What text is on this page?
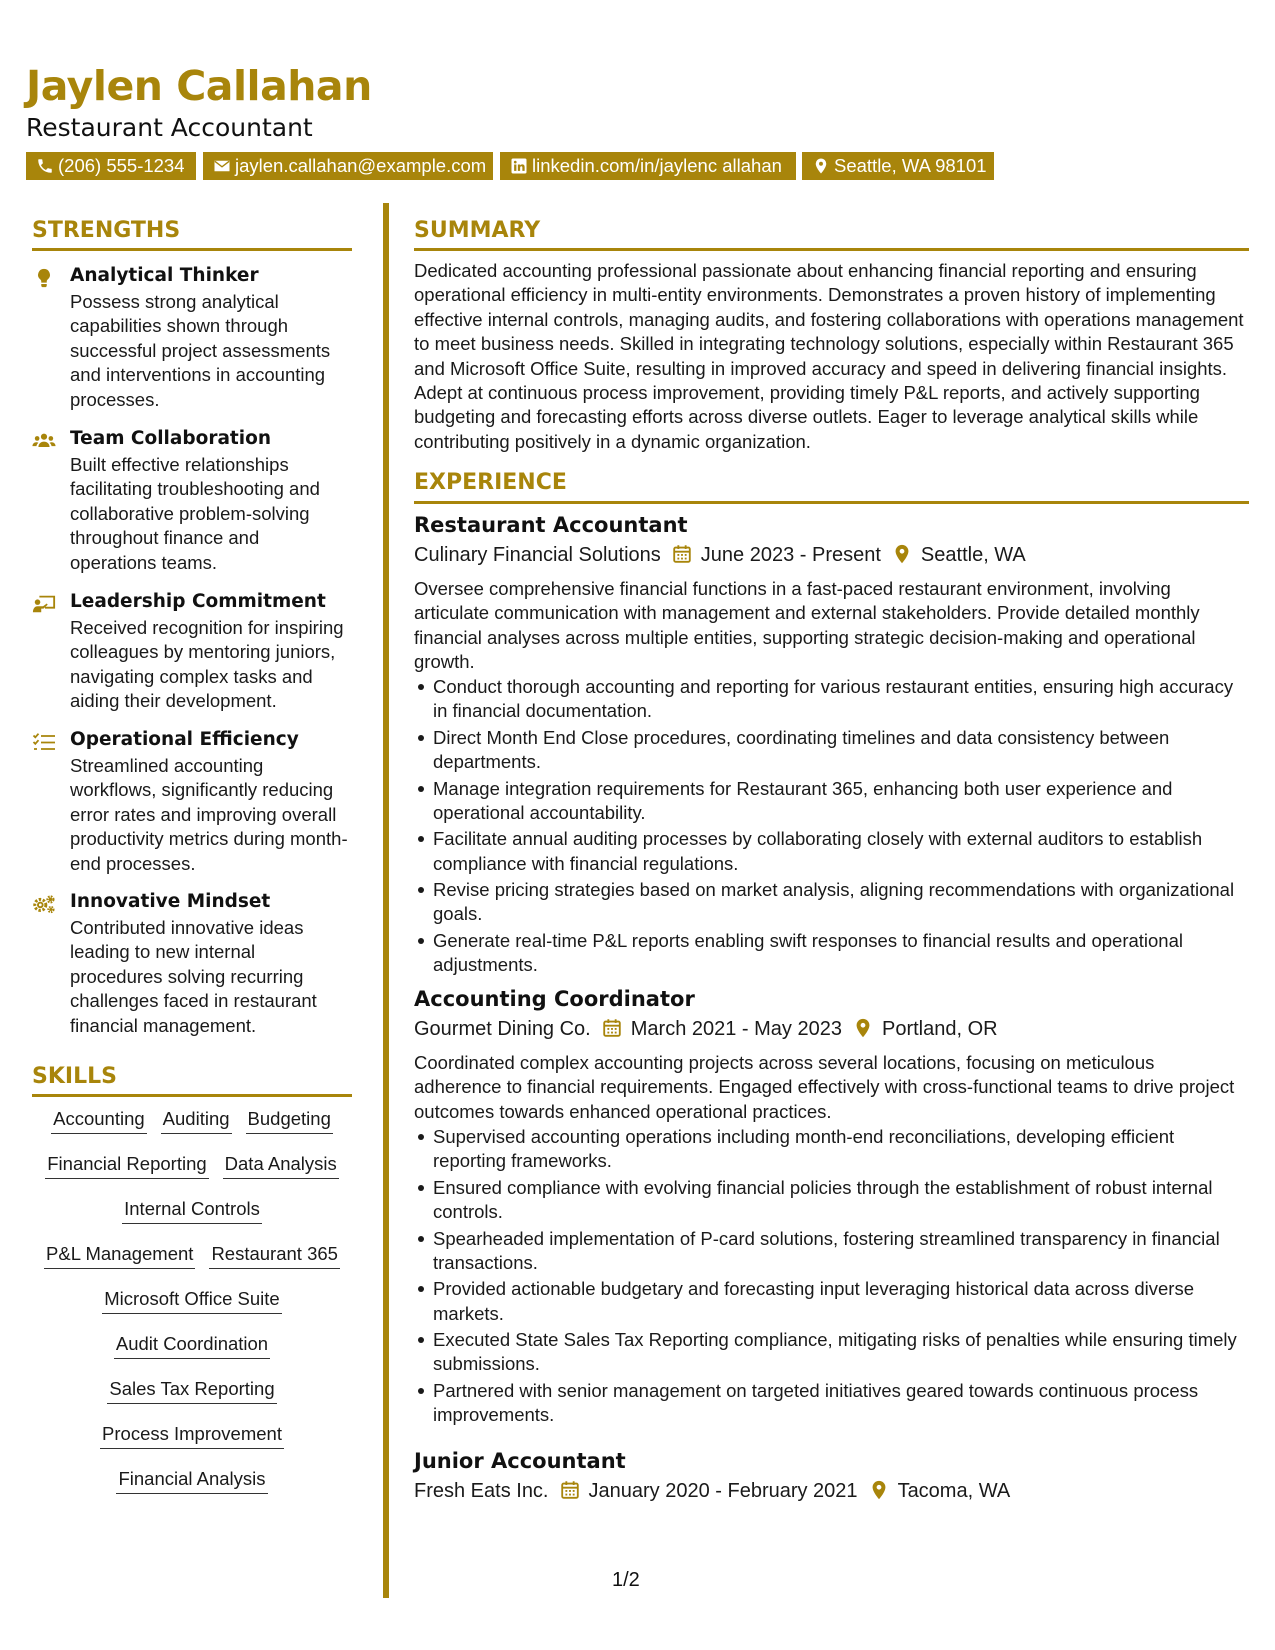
Jaylen Callahan
Restaurant Accountant
(206) 555-1234	jaylen.callahan@example.com	linkedin.com/in/jaylenc allahan	Seattle, WA 98101
STRENGTHS
Analytical Thinker
Possess strong analytical capabilities shown through successful project assessments and interventions in accounting processes.
Team Collaboration
Built effective relationships facilitating troubleshooting and collaborative problem-solving throughout finance and operations teams.
Leadership Commitment
Received recognition for inspiring colleagues by mentoring juniors, navigating complex tasks and aiding their development.
Operational Efficiency
Streamlined accounting workflows, significantly reducing error rates and improving overall productivity metrics during month-end processes.
Innovative Mindset
Contributed innovative ideas leading to new internal procedures solving recurring challenges faced in restaurant financial management.
SKILLS
Accounting Auditing Budgeting
Financial Reporting Data Analysis
Internal Controls
P&L Management Restaurant 365
Microsoft Office Suite
Audit Coordination
Sales Tax Reporting
Process Improvement
Financial Analysis
SUMMARY

Dedicated accounting professional passionate about enhancing financial reporting and ensuring operational efficiency in multi-entity environments. Demonstrates a proven history of implementing effective internal controls, managing audits, and fostering collaborations with operations management to meet business needs. Skilled in integrating technology solutions, especially within Restaurant 365 and Microsoft Office Suite, resulting in improved accuracy and speed in delivering financial insights. Adept at continuous process improvement, providing timely P&L reports, and actively supporting budgeting and forecasting efforts across diverse outlets. Eager to leverage analytical skills while contributing positively in a dynamic organization.

EXPERIENCE
Restaurant Accountant
Culinary Financial Solutions June 2023 - Present Seattle, WA

Oversee comprehensive financial functions in a fast-paced restaurant environment, involving articulate communication with management and external stakeholders. Provide detailed monthly financial analyses across multiple entities, supporting strategic decision-making and operational growth.

Conduct thorough accounting and reporting for various restaurant entities, ensuring high accuracy in financial documentation.
Direct Month End Close procedures, coordinating timelines and data consistency between departments.
Manage integration requirements for Restaurant 365, enhancing both user experience and operational accountability.
Facilitate annual auditing processes by collaborating closely with external auditors to establish compliance with financial regulations.
Revise pricing strategies based on market analysis, aligning recommendations with organizational goals.
Generate real-time P&L reports enabling swift responses to financial results and operational adjustments.
Accounting Coordinator
Gourmet Dining Co. March 2021 - May 2023 Portland, OR

Coordinated complex accounting projects across several locations, focusing on meticulous adherence to financial requirements. Engaged effectively with cross-functional teams to drive project outcomes towards enhanced operational practices.

Supervised accounting operations including month-end reconciliations, developing efficient reporting frameworks.
Ensured compliance with evolving financial policies through the establishment of robust internal controls.
Spearheaded implementation of P-card solutions, fostering streamlined transparency in financial transactions.
Provided actionable budgetary and forecasting input leveraging historical data across diverse markets.
Executed State Sales Tax Reporting compliance, mitigating risks of penalties while ensuring timely submissions.
Partnered with senior management on targeted initiatives geared towards continuous process improvements.
Junior Accountant
Fresh Eats Inc. January 2020 - February 2021 Tacoma, WA
1/2
